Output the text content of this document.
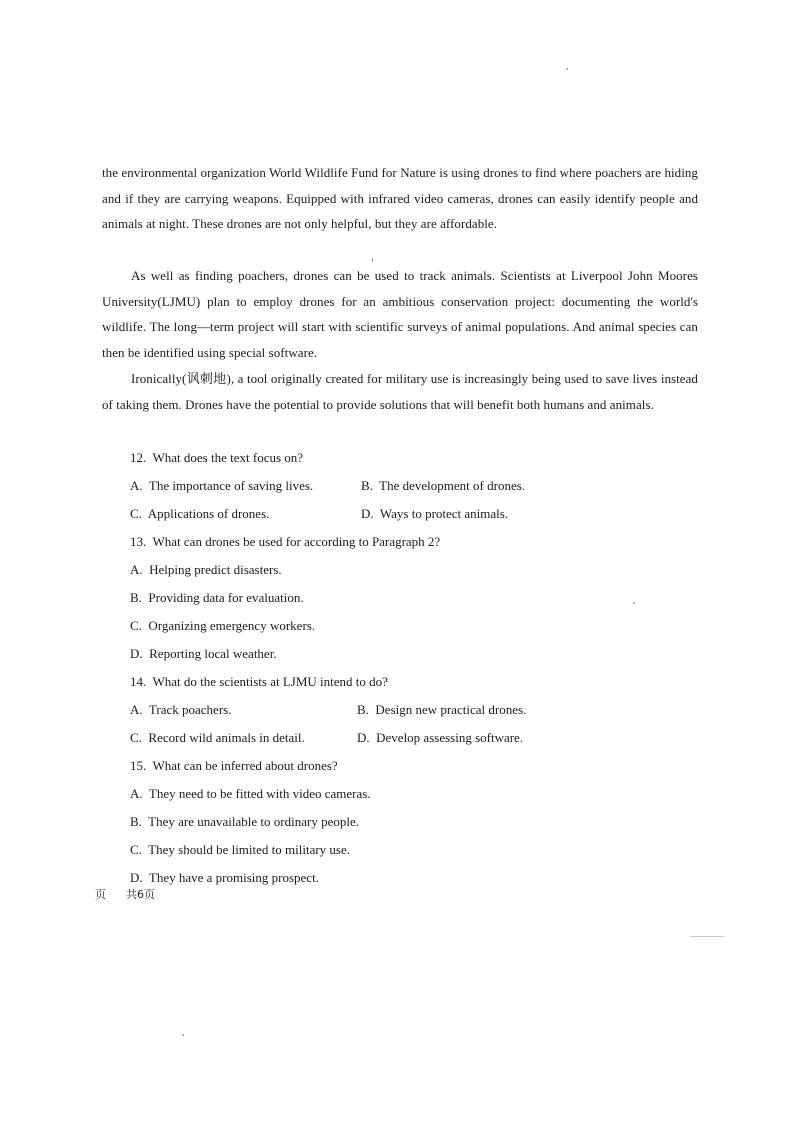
the environmental organization World Wildlife Fund for Nature is using drones to find where poachers are hiding and if they are carrying weapons. Equipped with infrared video cameras, drones can easily identify people and animals at night. These drones are not only helpful, but they are affordable.
As well as finding poachers, drones can be used to track animals. Scientists at Liverpool John Moores University(LJMU) plan to employ drones for an ambitious conservation project: documenting the world's wildlife. The long—term project will start with scientific surveys of animal populations. And animal species can then be identified using special software.
Ironically(讽刺地), a tool originally created for military use is increasingly being used to save lives instead of taking them. Drones have the potential to provide solutions that will benefit both humans and animals.
12.  What does the text focus on?
A.  The importance of saving lives.	B.  The development of drones.
C.  Applications of drones.	D.  Ways to protect animals.
13.  What can drones be used for according to Paragraph 2?
A.  Helping predict disasters.
B.  Providing data for evaluation.
C.  Organizing emergency workers.
D.  Reporting local weather.
14.  What do the scientists at LJMU intend to do?
A.  Track poachers.	B.  Design new practical drones.
C.  Record wild animals in detail.	D.  Develop assessing software.
15.  What can be inferred about drones?
A.  They need to be fitted with video cameras.
B.  They are unavailable to ordinary people.
C.  They should be limited to military use.
D.  They have a promising prospect.
页 共6页
